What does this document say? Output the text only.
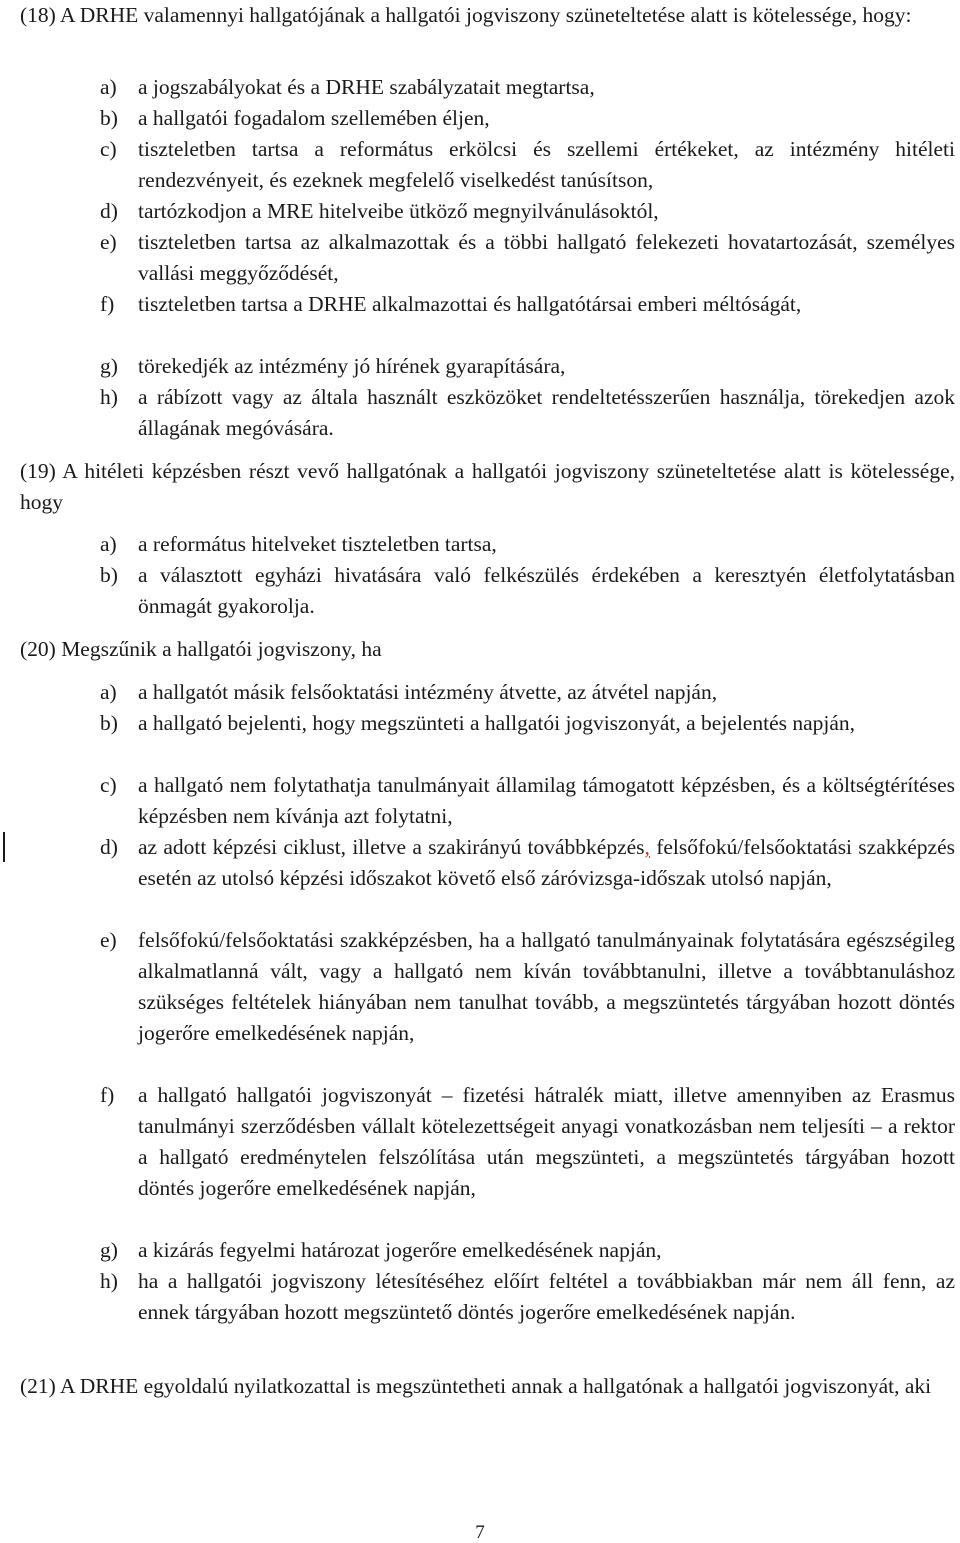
(18) A DRHE valamennyi hallgatójának a hallgatói jogviszony szüneteltetése alatt is kötelessége, hogy:
a) a jogszabályokat és a DRHE szabályzatait megtartsa,
b) a hallgatói fogadalom szellemében éljen,
c) tiszteletben tartsa a református erkölcsi és szellemi értékeket, az intézmény hitéleti rendezvényeit, és ezeknek megfelelő viselkedést tanúsítson,
d) tartózkodjon a MRE hitelveibe ütköző megnyilvánulásoktól,
e) tiszteletben tartsa az alkalmazottak és a többi hallgató felekezeti hovatartozását, személyes vallási meggyőződését,
f) tiszteletben tartsa a DRHE alkalmazottai és hallgatótársai emberi méltóságát,
g) törekedjék az intézmény jó hírének gyarapítására,
h) a rábízott vagy az általa használt eszközöket rendeltetésszerűen használja, törekedjen azok állagának megóvására.
(19) A hitéleti képzésben részt vevő hallgatónak a hallgatói jogviszony szüneteltetése alatt is kötelessége, hogy
a) a református hitelveket tiszteletben tartsa,
b) a választott egyházi hivatására való felkészülés érdekében a keresztyén életfolytatásban önmagát gyakorolja.
(20) Megszűnik a hallgatói jogviszony, ha
a) a hallgatót másik felsőoktatási intézmény átvette, az átvétel napján,
b) a hallgató bejelenti, hogy megszünteti a hallgatói jogviszonyát, a bejelentés napján,
c) a hallgató nem folytathatja tanulmányait államilag támogatott képzésben, és a költségtérítéses képzésben nem kívánja azt folytatni,
d) az adott képzési ciklust, illetve a szakirányú továbbképzés, felsőfokú/felsőoktatási szakképzés esetén az utolsó képzési időszakot követő első záróvizsga-időszak utolsó napján,
e) felsőfokú/felsőoktatási szakképzésben, ha a hallgató tanulmányainak folytatására egészségileg alkalmatlanná vált, vagy a hallgató nem kíván továbbtanulni, illetve a továbbtanuláshoz szükséges feltételek hiányában nem tanulhat tovább, a megszüntetés tárgyában hozott döntés jogerőre emelkedésének napján,
f) a hallgató hallgatói jogviszonyát – fizetési hátralék miatt, illetve amennyiben az Erasmus tanulmányi szerződésben vállalt kötelezettségeit anyagi vonatkozásban nem teljesíti – a rektor a hallgató eredménytelen felszólítása után megszünteti, a megszüntetés tárgyában hozott döntés jogerőre emelkedésének napján,
g) a kizárás fegyelmi határozat jogerőre emelkedésének napján,
h) ha a hallgatói jogviszony létesítéséhez előírt feltétel a továbbiakban már nem áll fenn, az ennek tárgyában hozott megszüntető döntés jogerőre emelkedésének napján.
(21) A DRHE egyoldalú nyilatkozattal is megszüntetheti annak a hallgatónak a hallgatói jogviszonyát, aki
7
